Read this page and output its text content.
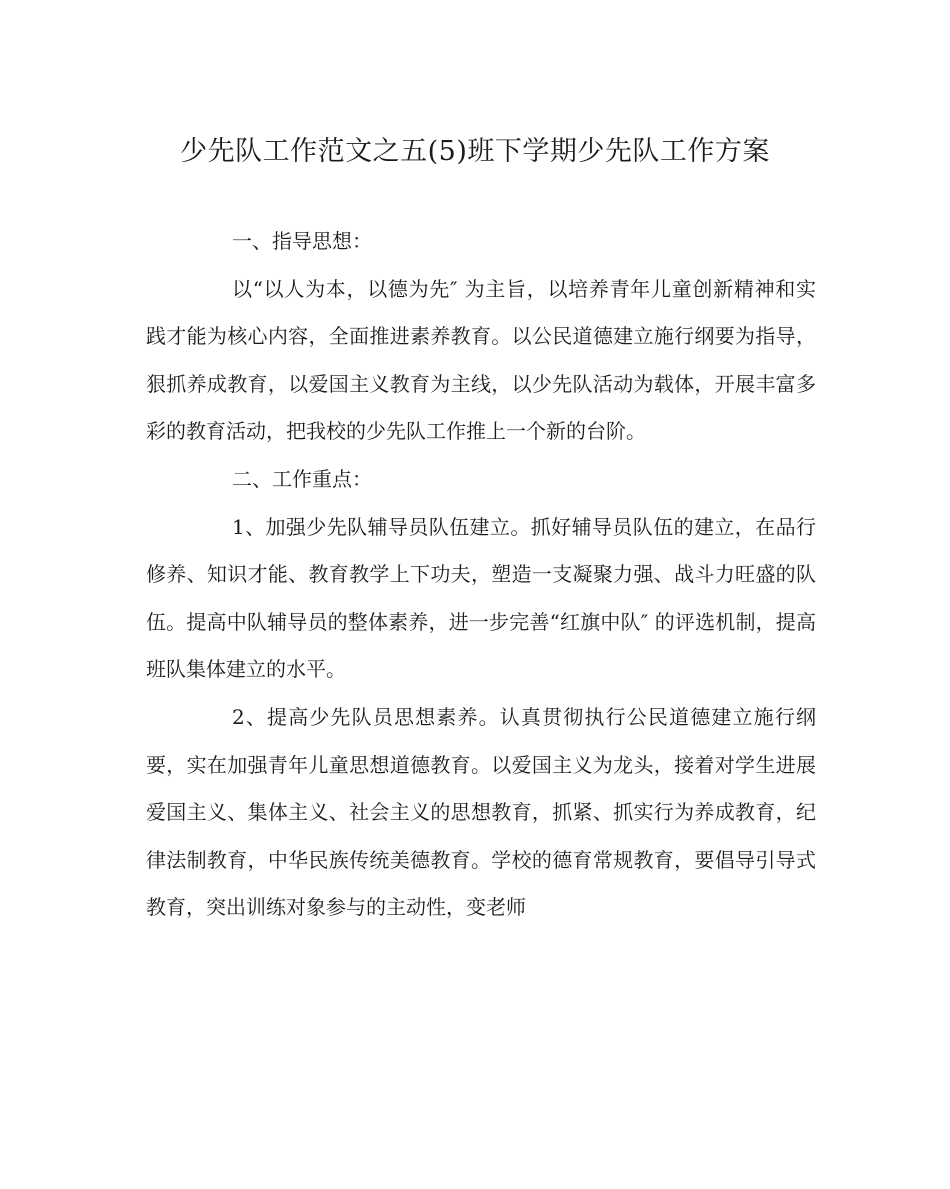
少先队工作范文之五(5)班下学期少先队工作方案

一、指导思想：

以“以人为本，以德为先″ 为主旨，以培养青年儿童创新精神和实践才能为核心内容，全面推进素养教育。以公民道德建立施行纲要为指导，狠抓养成教育，以爱国主义教育为主线，以少先队活动为载体，开展丰富多彩的教育活动，把我校的少先队工作推上一个新的台阶。

二、工作重点：

1、加强少先队辅导员队伍建立。抓好辅导员队伍的建立，在品行修养、知识才能、教育教学上下功夫，塑造一支凝聚力强、战斗力旺盛的队伍。提高中队辅导员的整体素养，进一步完善“红旗中队″ 的评选机制，提高班队集体建立的水平。

2、提高少先队员思想素养。认真贯彻执行公民道德建立施行纲要，实在加强青年儿童思想道德教育。以爱国主义为龙头，接着对学生进展爱国主义、集体主义、社会主义的思想教育，抓紧、抓实行为养成教育，纪律法制教育，中华民族传统美德教育。学校的德育常规教育，要倡导引导式教育，突出训练对象参与的主动性，变老师
